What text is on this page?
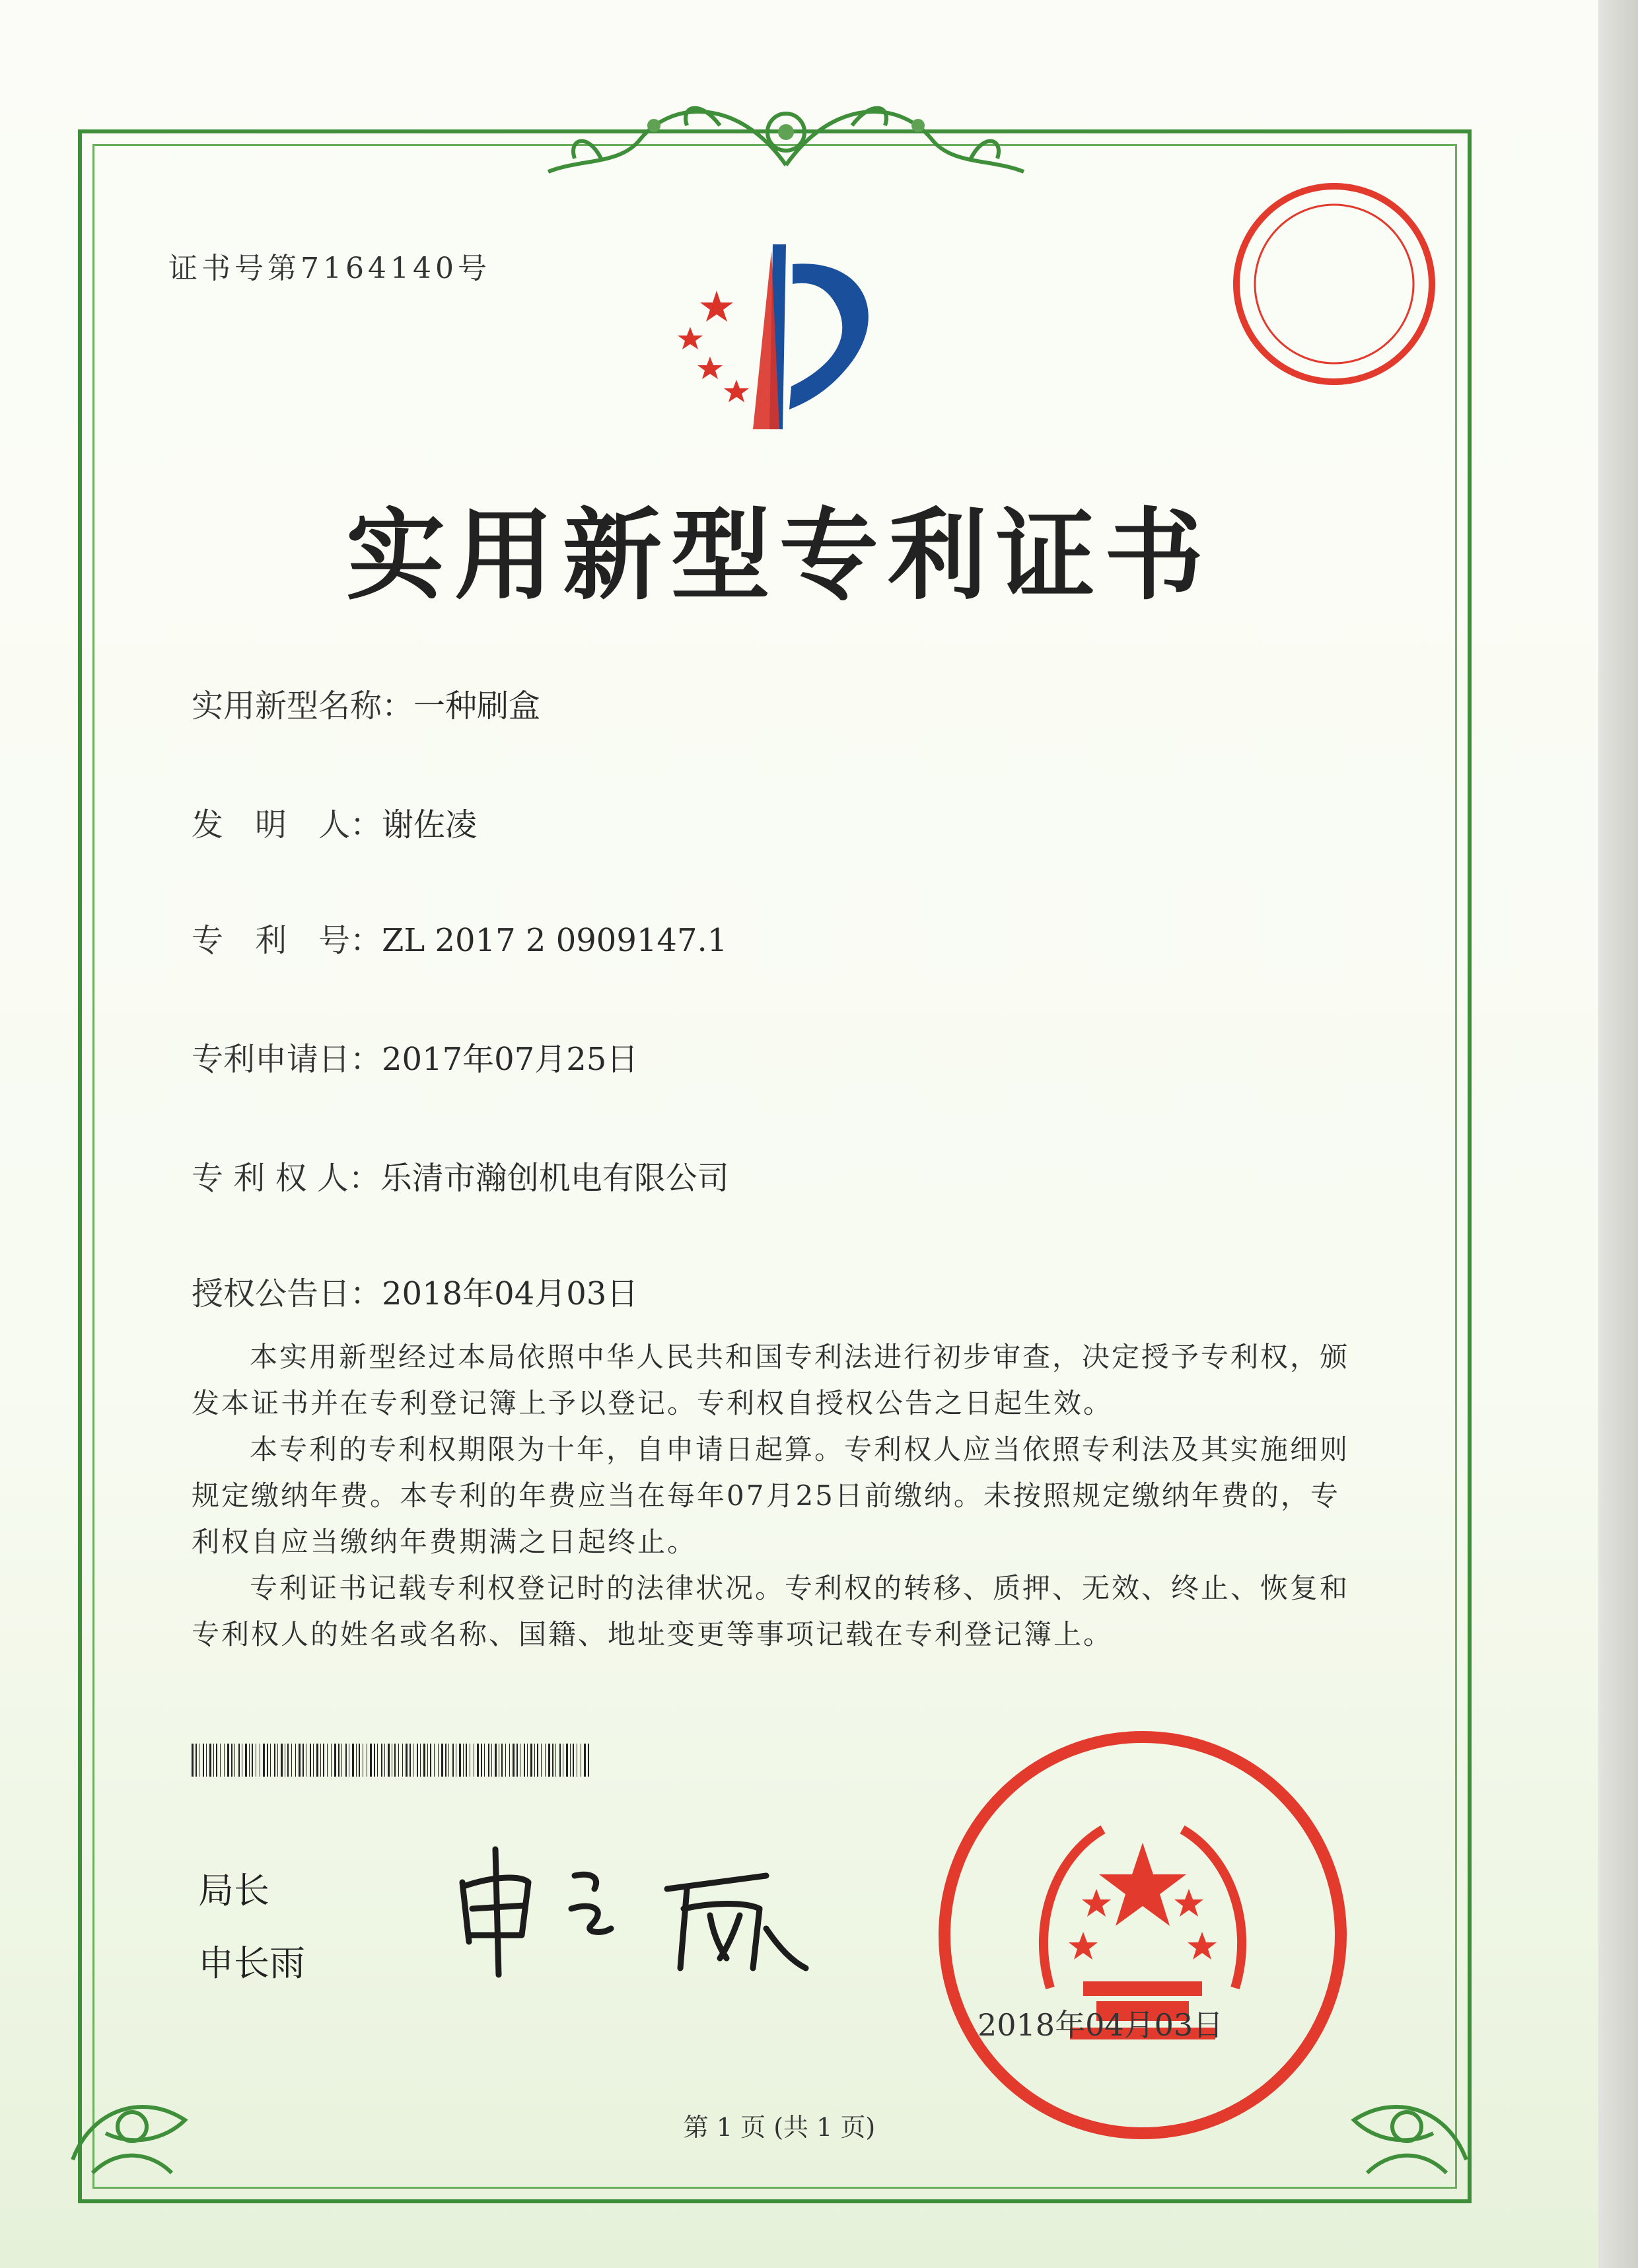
证书号第7164140号
实用新型专利证书
实用新型名称：一种刷盒
发　明　人：谢佐凌
专　利　号：ZL 2017 2 0909147.1
专利申请日：2017年07月25日
专 利 权 人：乐清市瀚创机电有限公司
授权公告日：2018年04月03日

本实用新型经过本局依照中华人民共和国专利法进行初步审查，决定授予专利权，颁发本证书并在专利登记簿上予以登记。专利权自授权公告之日起生效。

本专利的专利权期限为十年，自申请日起算。专利权人应当依照专利法及其实施细则规定缴纳年费。本专利的年费应当在每年07月25日前缴纳。未按照规定缴纳年费的，专利权自应当缴纳年费期满之日起终止。

专利证书记载专利权登记时的法律状况。专利权的转移、质押、无效、终止、恢复和专利权人的姓名或名称、国籍、地址变更等事项记载在专利登记簿上。

局长
申长雨
2018年04月03日
第 1 页 (共 1 页)
